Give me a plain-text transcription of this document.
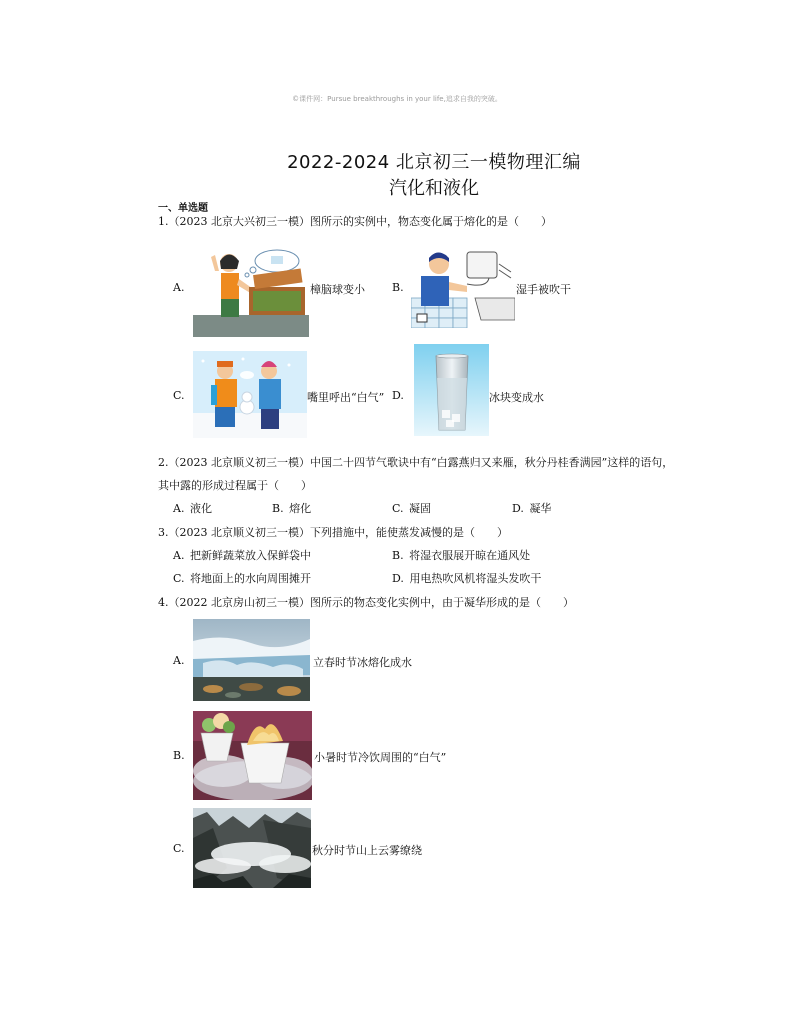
©课件网：Pursue breakthroughs in your life,追求自我的突破。
2022-2024 北京初三一模物理汇编
汽化和液化
一、单选题
1.（2023 北京大兴初三一模）图所示的实例中，物态变化属于熔化的是（　　）
A.	樟脑球变小 B.	湿手被吹干
C.	嘴里呼出“白气” D.	冰块变成水
2.（2023 北京顺义初三一模）中国二十四节气歌诀中有“白露燕归又来雁，秋分丹桂香满园”这样的语句，
其中露的形成过程属于（　　）
A.  液化	B.  熔化	C.  凝固	D.  凝华
3.（2023 北京顺义初三一模）下列措施中，能使蒸发减慢的是（　　）
A.  把新鲜蔬菜放入保鲜袋中	B.  将湿衣服展开晾在通风处
C.  将地面上的水向周围摊开	D.  用电热吹风机将湿头发吹干
4.（2022 北京房山初三一模）图所示的物态变化实例中，由于凝华形成的是（　　）
A.	立春时节冰熔化成水
B.	小暑时节冷饮周围的“白气”
C.	秋分时节山上云雾缭绕
